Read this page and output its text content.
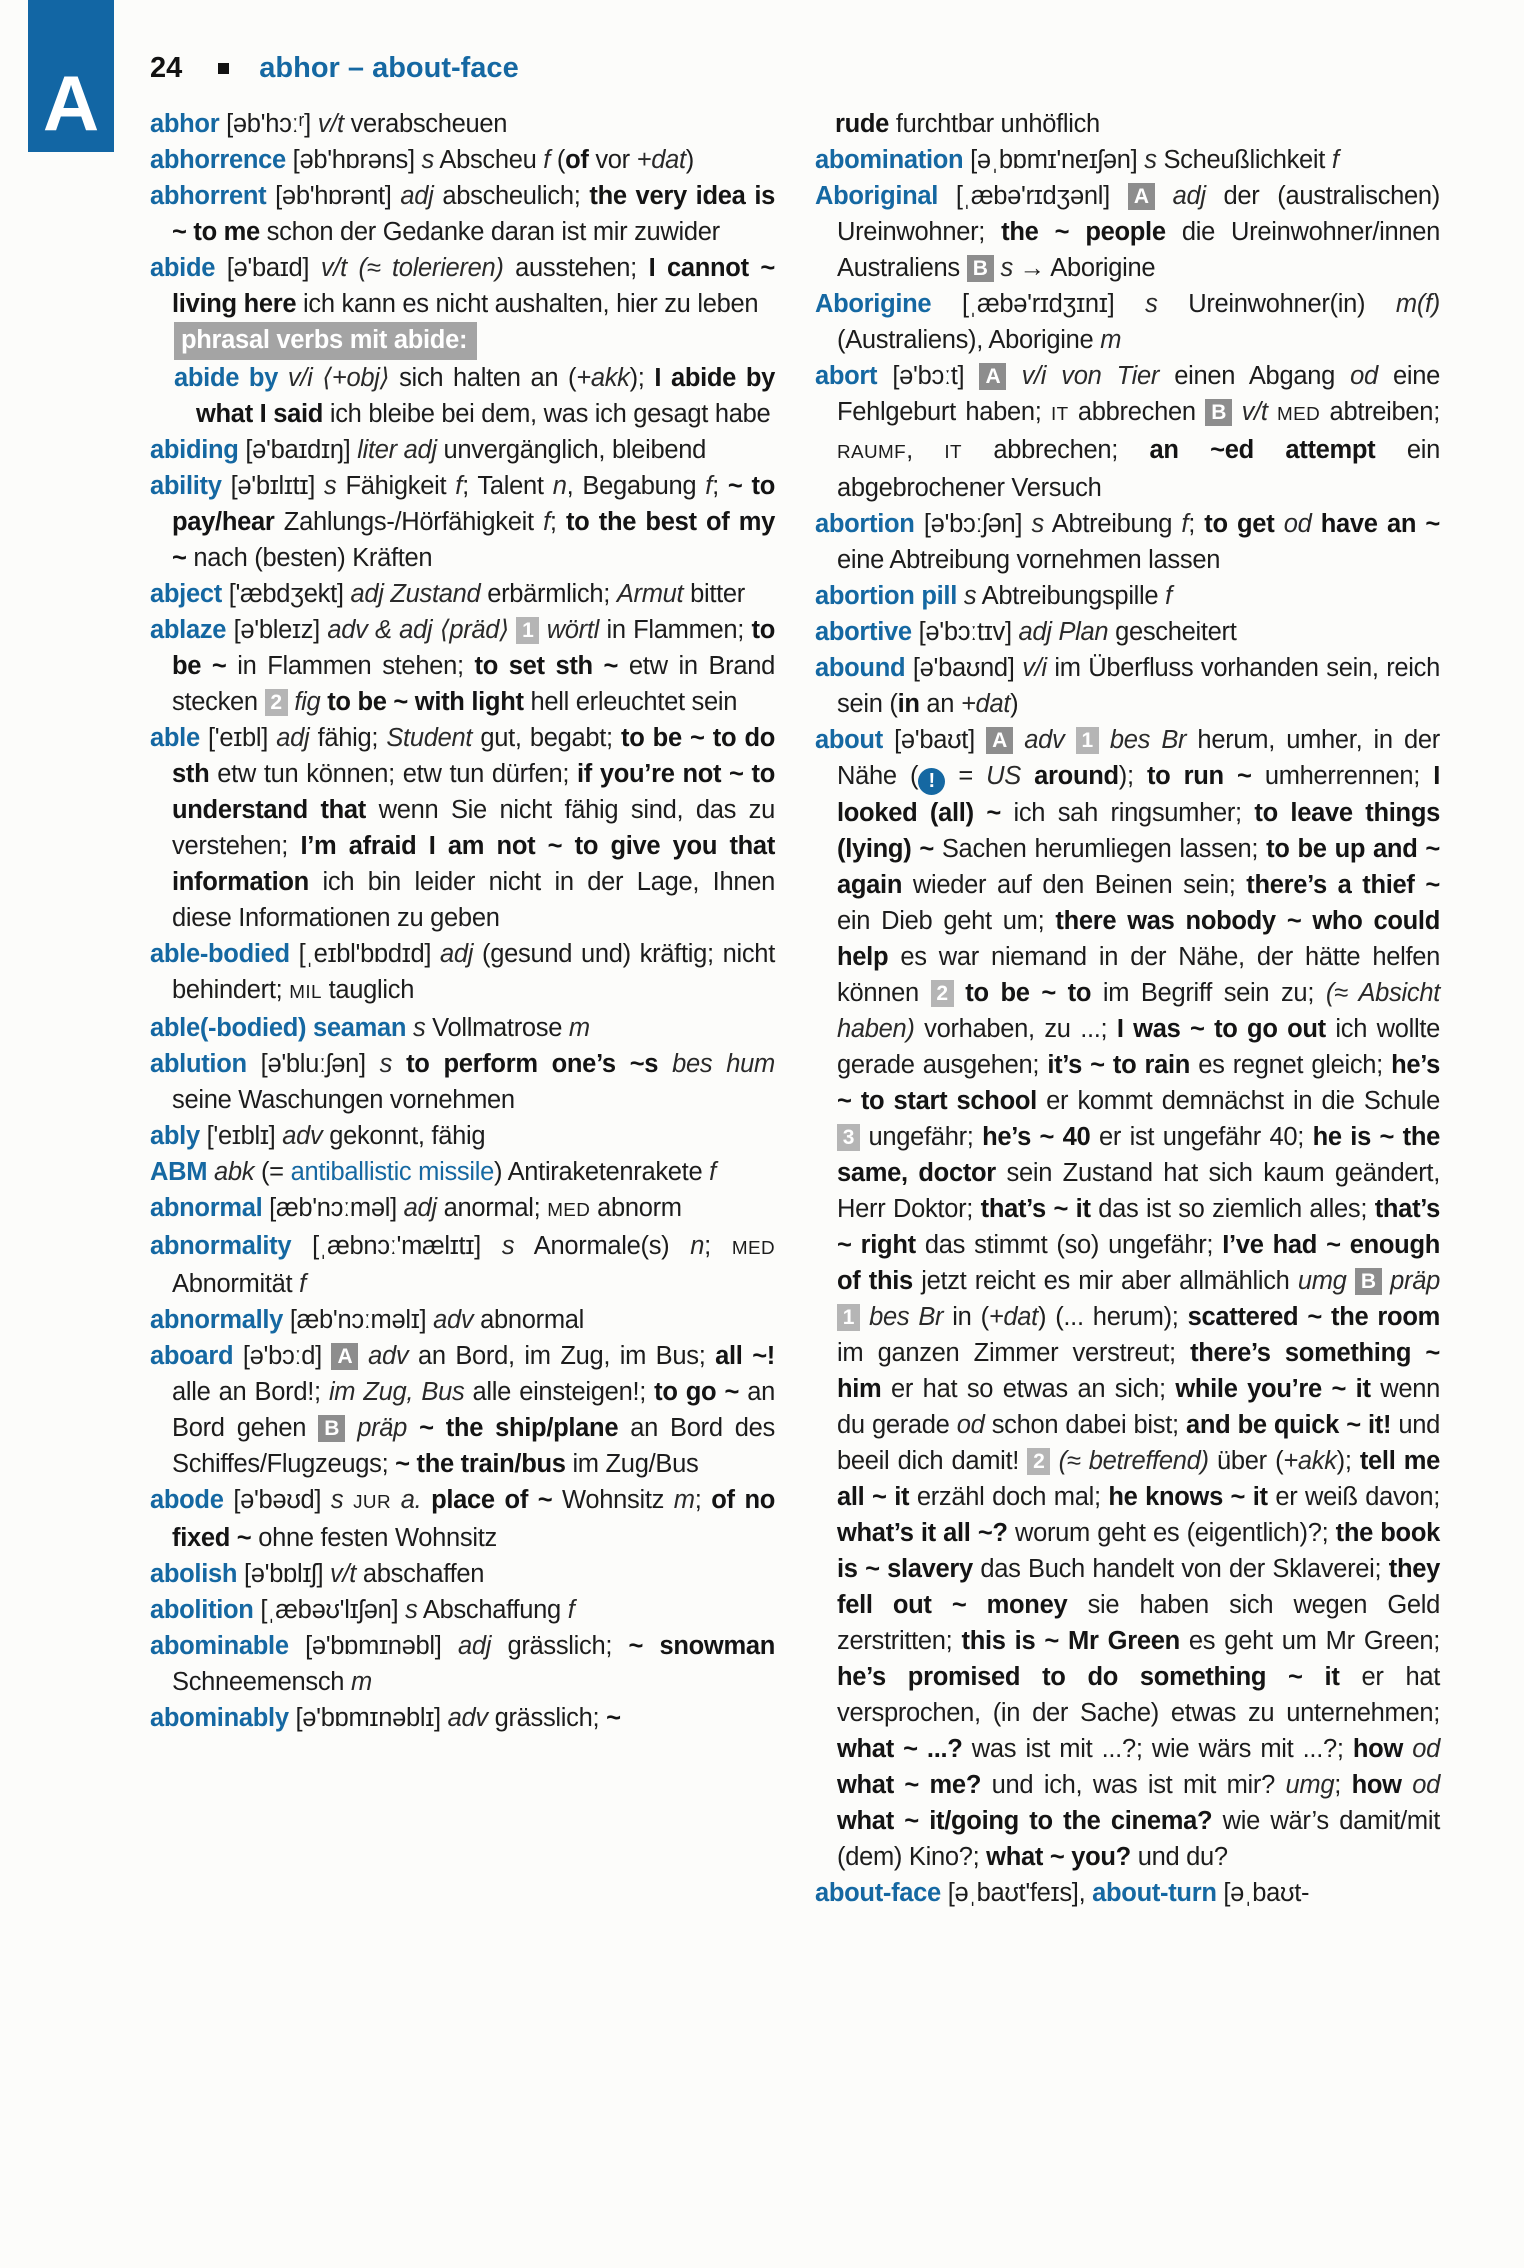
A	24	abhor – about-face

abhor [əb'hɔːʳ] v/t verabscheuen

abhorrence [əb'hɒrəns] s Abscheu f (of vor +dat)

abhorrent [əb'hɒrənt] adj abscheulich; the very idea is ~ to me schon der Gedanke daran ist mir zuwider

abide [ə'baɪd] v/t (≈ tolerieren) ausstehen; I cannot ~ living here ich kann es nicht aushalten, hier zu leben

phrasal verbs mit abide:

abide by v/i ⟨+obj⟩ sich halten an (+akk); I abide by what I said ich bleibe bei dem, was ich gesagt habe

abiding [ə'baɪdɪŋ] liter adj unvergänglich, bleibend

ability [ə'bɪlɪtɪ] s Fähigkeit f; Talent n, Begabung f; ~ to pay/hear Zahlungs-/Hörfähigkeit f; to the best of my ~ nach (besten) Kräften

abject ['æbdʒekt] adj Zustand erbärmlich; Armut bitter

ablaze [ə'bleɪz] adv & adj ⟨präd⟩ 1 wörtl in Flammen; to be ~ in Flammen stehen; to set sth ~ etw in Brand stecken 2 fig to be ~ with light hell erleuchtet sein

able ['eɪbl] adj fähig; Student gut, begabt; to be ~ to do sth etw tun können; etw tun dürfen; if you’re not ~ to understand that wenn Sie nicht fähig sind, das zu verstehen; I’m afraid I am not ~ to give you that information ich bin leider nicht in der Lage, Ihnen diese Informationen zu geben

able-bodied [ˌeɪbl'bɒdɪd] adj (gesund und) kräftig; nicht behindert; MIL tauglich

able(-bodied) seaman s Vollmatrose m

ablution [ə'bluːʃən] s to perform one’s ~s bes hum seine Waschungen vornehmen

ably ['eɪblɪ] adv gekonnt, fähig

ABM abk (= antiballistic missile) Antiraketenrakete f

abnormal [æb'nɔːməl] adj anormal; MED abnorm

abnormality [ˌæbnɔː'mælɪtɪ] s Anormale(s) n; MED Abnormität f

abnormally [æb'nɔːməlɪ] adv abnormal

aboard [ə'bɔːd] A adv an Bord, im Zug, im Bus; all ~! alle an Bord!; im Zug, Bus alle einsteigen!; to go ~ an Bord gehen B präp ~ the ship/plane an Bord des Schiffes/Flugzeugs; ~ the train/bus im Zug/Bus

abode [ə'bəʊd] s JUR a. place of ~ Wohnsitz m; of no fixed ~ ohne festen Wohnsitz

abolish [ə'bɒlɪʃ] v/t abschaffen

abolition [ˌæbəʊ'lɪʃən] s Abschaffung f

abominable [ə'bɒmɪnəbl] adj grässlich; ~ snowman Schneemensch m

abominably [ə'bɒmɪnəblɪ] adv grässlich; ~

rude furchtbar unhöflich

abomination [əˌbɒmɪ'neɪʃən] s Scheußlichkeit f

Aboriginal [ˌæbə'rɪdʒənl] A adj der (australischen) Ureinwohner; the ~ people die Ureinwohner/innen Australiens B s → Aborigine

Aborigine [ˌæbə'rɪdʒɪnɪ] s Ureinwohner(in) m(f) (Australiens), Aborigine m

abort [ə'bɔːt] A v/i von Tier einen Abgang od eine Fehlgeburt haben; IT abbrechen B v/t MED abtreiben; RAUMF, IT abbrechen; an ~ed attempt ein abgebrochener Versuch

abortion [ə'bɔːʃən] s Abtreibung f; to get od have an ~ eine Abtreibung vornehmen lassen

abortion pill s Abtreibungspille f

abortive [ə'bɔːtɪv] adj Plan gescheitert

abound [ə'baʊnd] v/i im Überfluss vorhanden sein, reich sein (in an +dat)

about [ə'baʊt] A adv 1 bes Br herum, umher, in der Nähe ( ! = US around); to run ~ umherrennen; I looked (all) ~ ich sah ringsumher; to leave things (lying) ~ Sachen herumliegen lassen; to be up and ~ again wieder auf den Beinen sein; there’s a thief ~ ein Dieb geht um; there was nobody ~ who could help es war niemand in der Nähe, der hätte helfen können 2 to be ~ to im Begriff sein zu; (≈ Absicht haben) vorhaben, zu ...; I was ~ to go out ich wollte gerade ausgehen; it’s ~ to rain es regnet gleich; he’s ~ to start school er kommt demnächst in die Schule 3 ungefähr; he’s ~ 40 er ist ungefähr 40; he is ~ the same, doctor sein Zustand hat sich kaum geändert, Herr Doktor; that’s ~ it das ist so ziemlich alles; that’s ~ right das stimmt (so) ungefähr; I’ve had ~ enough of this jetzt reicht es mir aber allmählich umg B präp 1 bes Br in (+dat) (... herum); scattered ~ the room im ganzen Zimmer verstreut; there’s something ~ him er hat so etwas an sich; while you’re ~ it wenn du gerade od schon dabei bist; and be quick ~ it! und beeil dich damit! 2 (≈ betreffend) über (+akk); tell me all ~ it erzähl doch mal; he knows ~ it er weiß davon; what’s it all ~? worum geht es (eigentlich)?; the book is ~ slavery das Buch handelt von der Sklaverei; they fell out ~ money sie haben sich wegen Geld zerstritten; this is ~ Mr Green es geht um Mr Green; he’s promised to do something ~ it er hat versprochen, (in der Sache) etwas zu unternehmen; what ~ ...? was ist mit ...?; wie wärs mit ...?; how od what ~ me? und ich, was ist mit mir? umg; how od what ~ it/going to the cinema? wie wär’s damit/mit (dem) Kino?; what ~ you? und du?

about-face [əˌbaʊt'feɪs], about-turn [əˌbaʊt-
